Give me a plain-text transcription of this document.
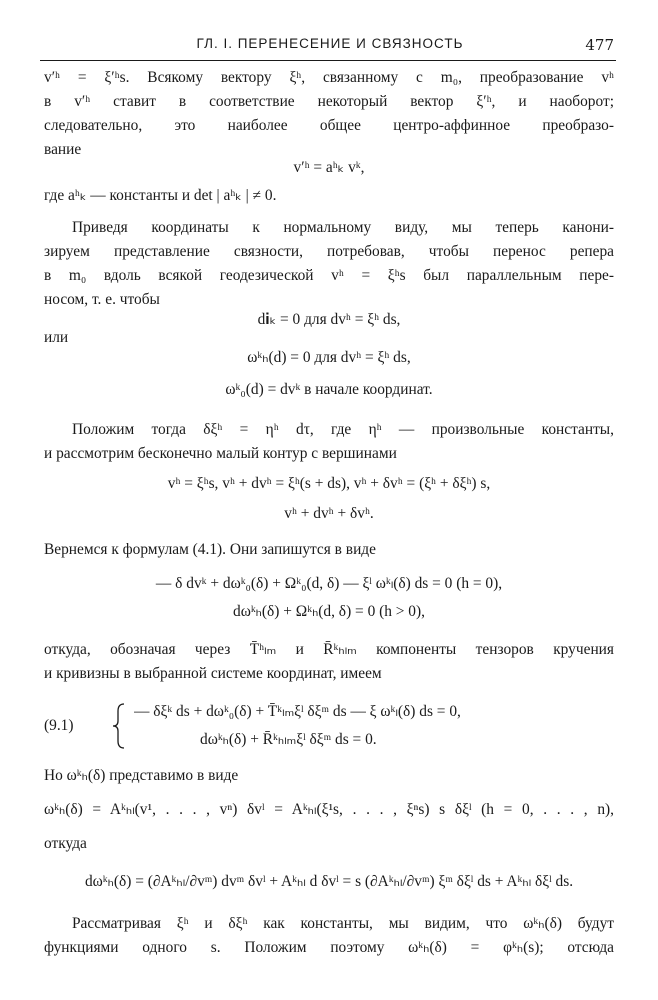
ГЛ. I. ПЕРЕНЕСЕНИЕ И СВЯЗНОСТЬ	477
v′ʰ = ξ′ʰs. Всякому вектору ξʰ, связанному с m₀, преобразование vʰ
в v′ʰ ставит в соответствие некоторый вектор ξ′ʰ, и наоборот;
следовательно, это наиболее общее центро-аффинное преобразо-
вание
v′ʰ = aʰₖ vᵏ,
где aʰₖ — константы и det | aʰₖ | ≠ 0.
Приведя координаты к нормальному виду, мы теперь канони-
зируем представление связности, потребовав, чтобы перенос репера
в m₀ вдоль всякой геодезической vʰ = ξʰs был параллельным пере-
носом, т. е. чтобы
d𝐢ₖ = 0 для dvʰ = ξʰ ds,
или
ωᵏₕ(d) = 0 для dvʰ = ξʰ ds,
ωᵏ₀(d) = dvᵏ в начале координат.
Положим тогда δξʰ = ηʰ dτ, где ηʰ — произвольные константы,
и рассмотрим бесконечно малый контур с вершинами
vʰ = ξʰs, vʰ + dvʰ = ξʰ(s + ds), vʰ + δvʰ = (ξʰ + δξʰ) s,
vʰ + dvʰ + δvʰ.
Вернемся к формулам (4.1). Они запишутся в виде
— δ dvᵏ + dωᵏ₀(δ) + Ωᵏ₀(d, δ) — ξˡ ωᵏₗ(δ) ds = 0 (h = 0),
dωᵏₕ(δ) + Ωᵏₕ(d, δ) = 0 (h > 0),
откуда, обозначая через T̄ʰₗₘ и R̄ᵏₕₗₘ компоненты тензоров кручения
и кривизны в выбранной системе координат, имеем
(9.1)
— δξᵏ ds + dωᵏ₀(δ) + T̄ᵏₗₘξˡ δξᵐ ds — ξ ωᵏₗ(δ) ds = 0,
dωᵏₕ(δ) + R̄ᵏₕₗₘξˡ δξᵐ ds = 0.
Но ωᵏₕ(δ) представимо в виде
ωᵏₕ(δ) = Aᵏₕₗ(v¹, . . . , vⁿ) δvˡ = Aᵏₕₗ(ξ¹s, . . . , ξⁿs) s δξˡ (h = 0, . . . , n),
откуда
dωᵏₕ(δ) = (∂Aᵏₕₗ/∂vᵐ) dvᵐ δvˡ + Aᵏₕₗ d δvˡ = s (∂Aᵏₕₗ/∂vᵐ) ξᵐ δξˡ ds + Aᵏₕₗ δξˡ ds.
Рассматривая ξʰ и δξʰ как константы, мы видим, что ωᵏₕ(δ) будут
функциями одного s. Положим поэтому ωᵏₕ(δ) = φᵏₕ(s); отсюда
